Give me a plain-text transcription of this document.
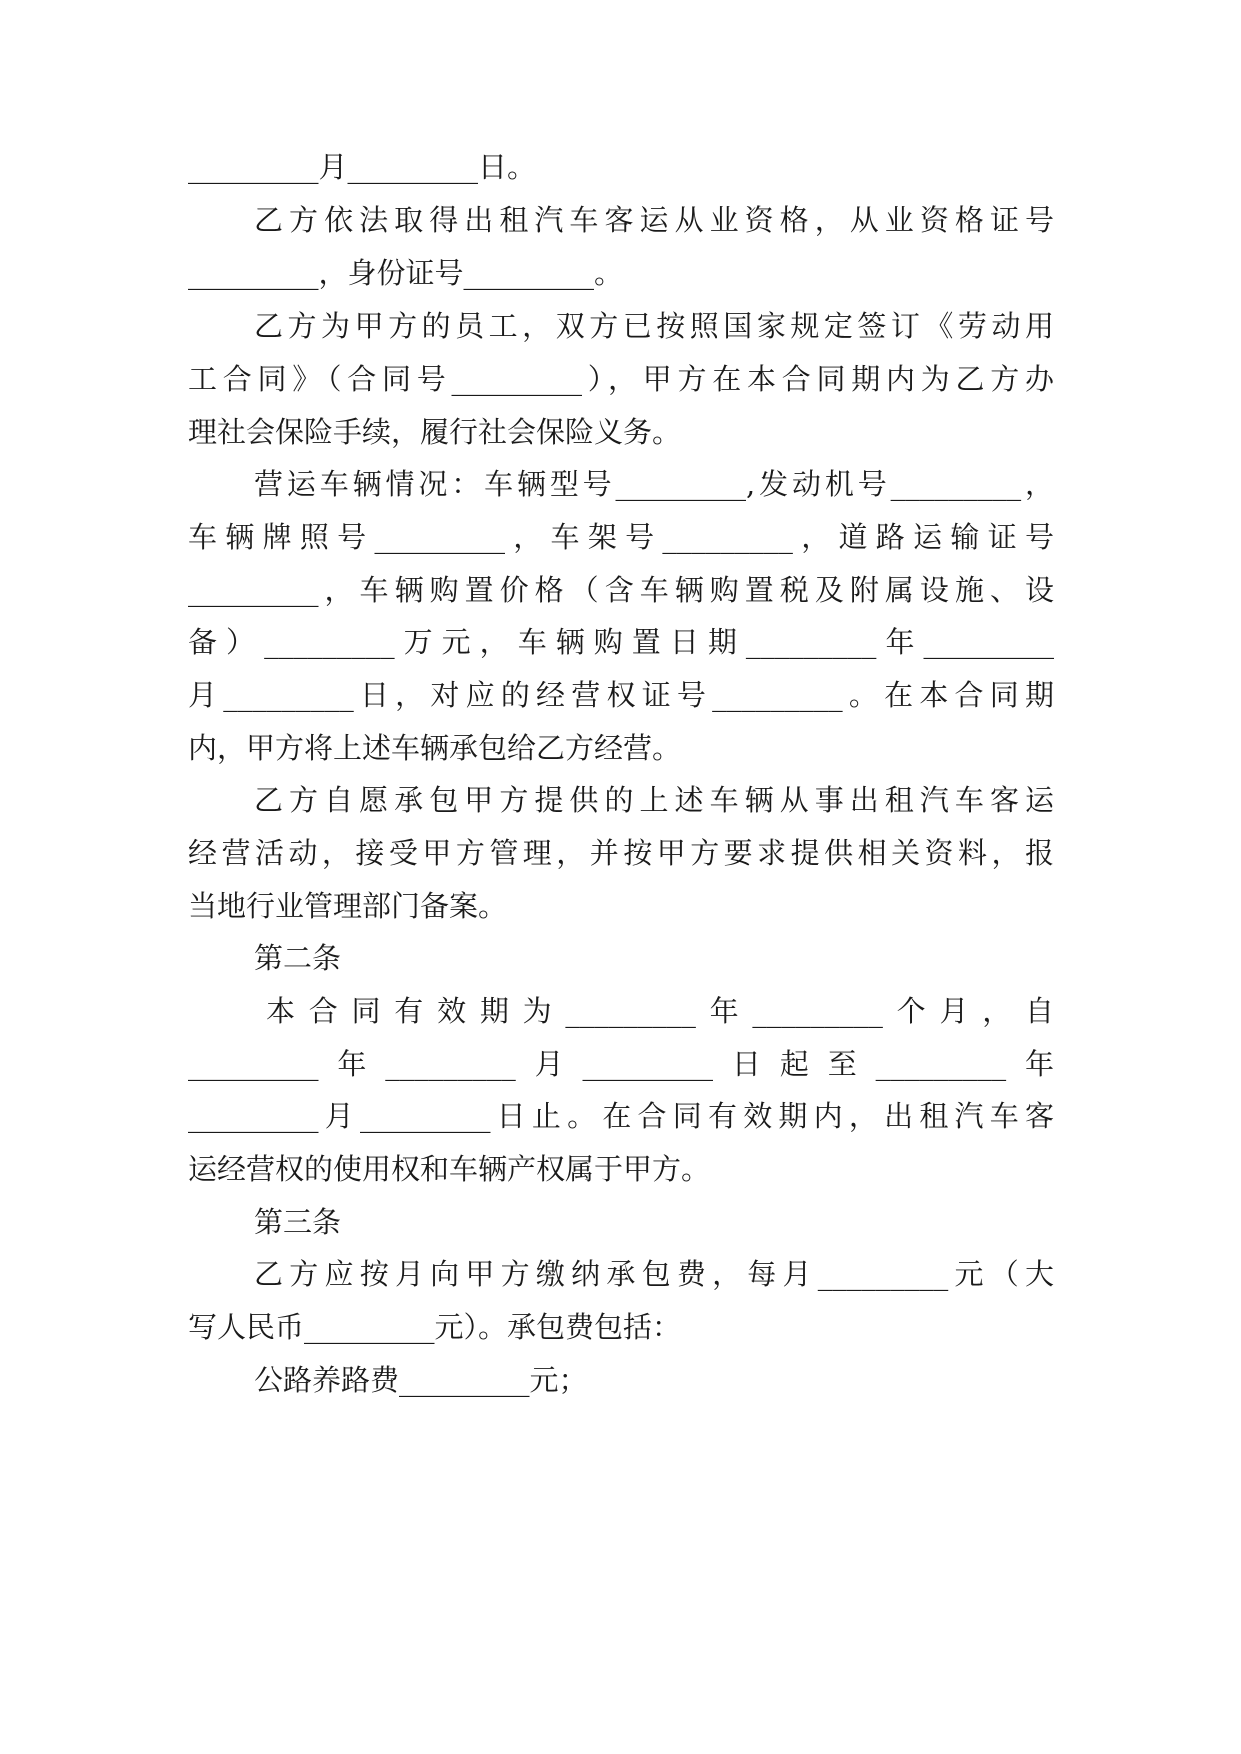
_________月_________日。
乙方依法取得出租汽车客运从业资格，从业资格证号
_________，身份证号_________。
乙方为甲方的员工，双方已按照国家规定签订《劳动用
工合同》（合同号_________），甲方在本合同期内为乙方办
理社会保险手续，履行社会保险义务。
营运车辆情况：车辆型号_________,发动机号_________，
车辆牌照号_________，车架号_________，道路运输证号
_________，车辆购置价格（含车辆购置税及附属设施、设
备）_________万元，车辆购置日期_________年_________
月_________日，对应的经营权证号_________。在本合同期
内，甲方将上述车辆承包给乙方经营。
乙方自愿承包甲方提供的上述车辆从事出租汽车客运
经营活动，接受甲方管理，并按甲方要求提供相关资料，报
当地行业管理部门备案。
第二条
本合同有效期为_________年_________个月，自
_________年_________月_________日起至_________年
_________月_________日止。在合同有效期内，出租汽车客
运经营权的使用权和车辆产权属于甲方。
第三条
乙方应按月向甲方缴纳承包费，每月_________元（大
写人民币_________元）。承包费包括：
公路养路费_________元；
